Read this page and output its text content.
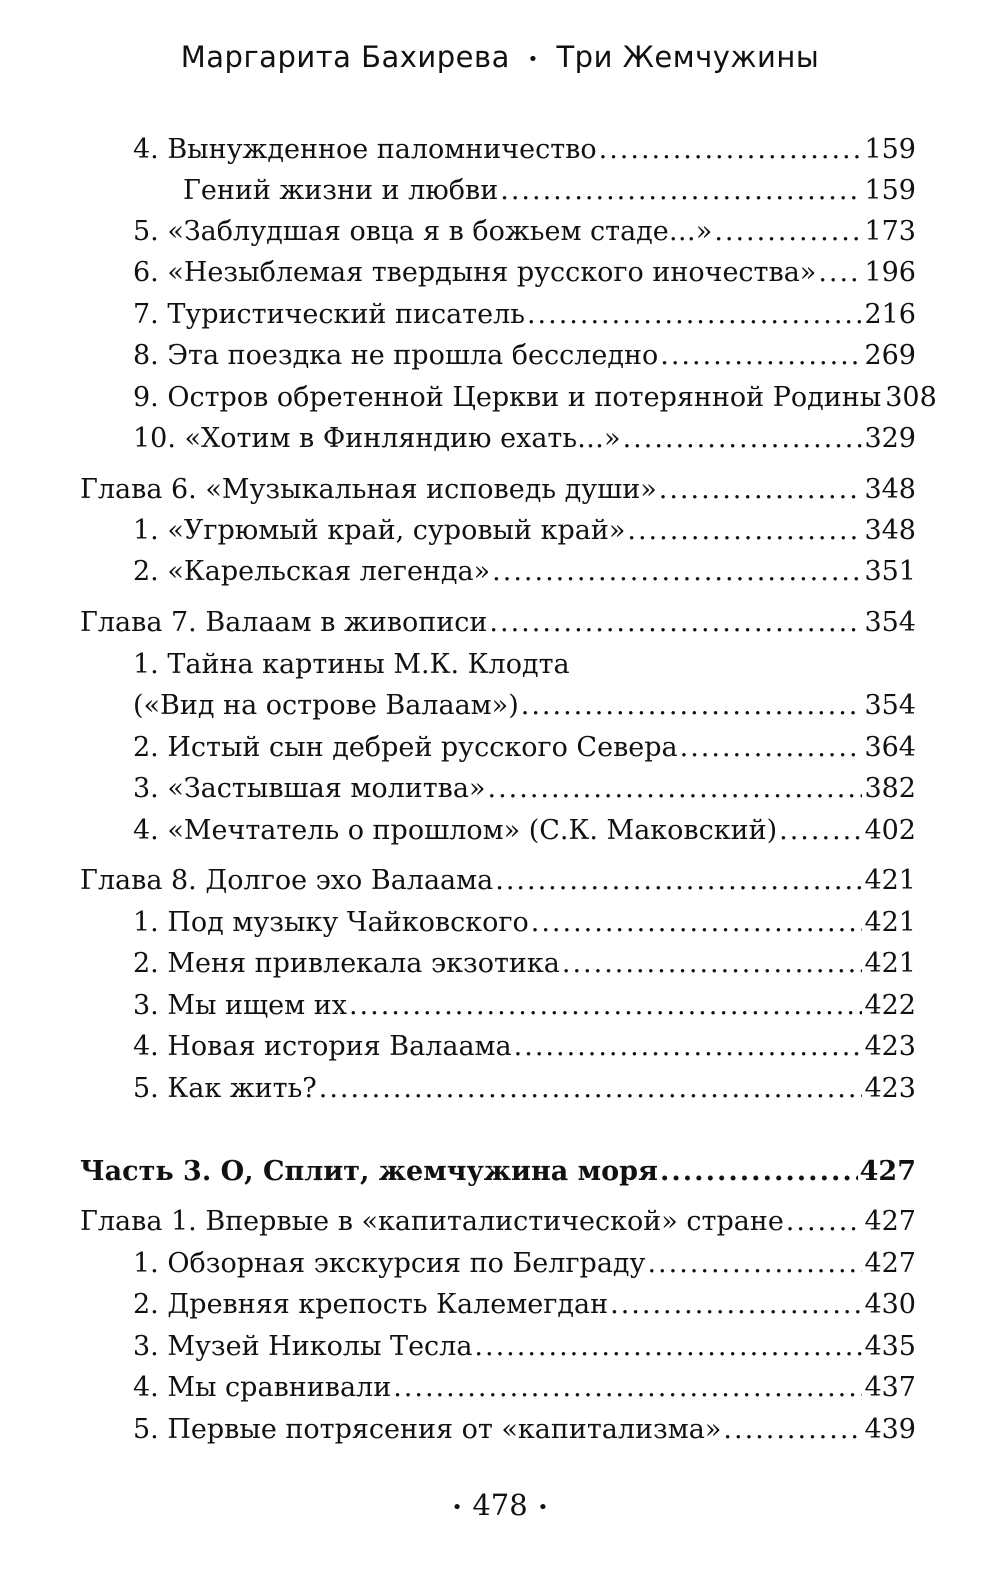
Маргарита Бахирева • Три Жемчужины
4. Вынужденное паломничество .....	159
Гений жизни и любви .....	159
5. «Заблудшая овца я в божьем стаде…» .....	173
6. «Незыблемая твердыня русского иночества» ..... 196
7. Туристический писатель .....	216
8. Эта поездка не прошла бесследно .....	269
9. Остров обретенной Церкви и потерянной Родины 308
10. «Хотим в Финляндию ехать…» .....	329
Глава 6. «Музыкальная исповедь души» .....	348
1. «Угрюмый край, суровый край» .....	348
2. «Карельская легенда» .....	351
Глава 7. Валаам в живописи .....	354
1. Тайна картины М.К. Клодта
(«Вид на острове Валаам») .....	354
2. Истый сын дебрей русского Севера .....	364
3. «Застывшая молитва» .....	382
4. «Мечтатель о прошлом» (С.К. Маковский) .....	402
Глава 8. Долгое эхо Валаама .....	421
1. Под музыку Чайковского .....	421
2. Меня привлекала экзотика .....	421
3. Мы ищем их .....	422
4. Новая история Валаама .....	423
5. Как жить? .....	423
Часть 3. О, Сплит, жемчужина моря .....	427
Глава 1. Впервые в «капиталистической» стране .....	427
1. Обзорная экскурсия по Белграду .....	427
2. Древняя крепость Калемегдан .....	430
3. Музей Николы Тесла .....	435
4. Мы сравнивали .....	437
5. Первые потрясения от «капитализма» .....	439
• 478 •
